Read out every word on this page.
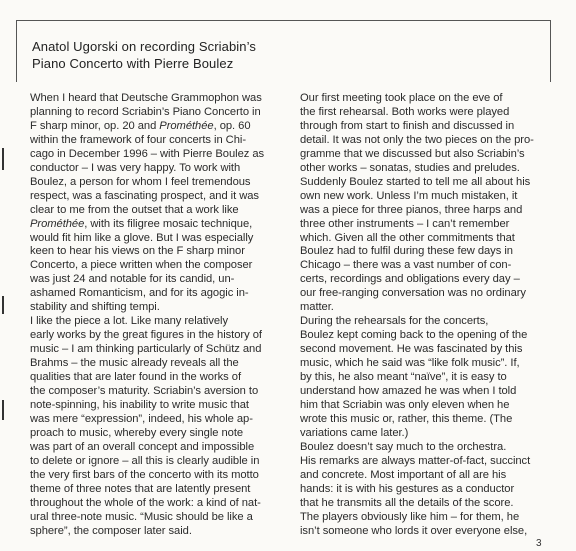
Anatol Ugorski on recording Scriabin’s
Piano Concerto with Pierre Boulez
When I heard that Deutsche Grammophon was
planning to record Scriabin’s Piano Concerto in
F sharp minor, op. 20 and Prométhée, op. 60
within the framework of four concerts in Chi-
cago in December 1996 – with Pierre Boulez as
conductor – I was very happy. To work with
Boulez, a person for whom I feel tremendous
respect, was a fascinating prospect, and it was
clear to me from the outset that a work like
Prométhée, with its filigree mosaic technique,
would fit him like a glove. But I was especially
keen to hear his views on the F sharp minor
Concerto, a piece written when the composer
was just 24 and notable for its candid, un-
ashamed Romanticism, and for its agogic in-
stability and shifting tempi.
I like the piece a lot. Like many relatively
early works by the great figures in the history of
music – I am thinking particularly of Schütz and
Brahms – the music already reveals all the
qualities that are later found in the works of
the composer’s maturity. Scriabin’s aversion to
note-spinning, his inability to write music that
was mere “expression”, indeed, his whole ap-
proach to music, whereby every single note
was part of an overall concept and impossible
to delete or ignore – all this is clearly audible in
the very first bars of the concerto with its motto
theme of three notes that are latently present
throughout the whole of the work: a kind of nat-
ural three-note music. “Music should be like a
sphere”, the composer later said.
Our first meeting took place on the eve of
the first rehearsal. Both works were played
through from start to finish and discussed in
detail. It was not only the two pieces on the pro-
gramme that we discussed but also Scriabin’s
other works – sonatas, studies and preludes.
Suddenly Boulez started to tell me all about his
own new work. Unless I’m much mistaken, it
was a piece for three pianos, three harps and
three other instruments – I can’t remember
which. Given all the other commitments that
Boulez had to fulfil during these few days in
Chicago – there was a vast number of con-
certs, recordings and obligations every day –
our free-ranging conversation was no ordinary
matter.
During the rehearsals for the concerts,
Boulez kept coming back to the opening of the
second movement. He was fascinated by this
music, which he said was “like folk music”. If,
by this, he also meant “naïve”, it is easy to
understand how amazed he was when I told
him that Scriabin was only eleven when he
wrote this music or, rather, this theme. (The
variations came later.)
Boulez doesn’t say much to the orchestra.
His remarks are always matter-of-fact, succinct
and concrete. Most important of all are his
hands: it is with his gestures as a conductor
that he transmits all the details of the score.
The players obviously like him – for them, he
isn’t someone who lords it over everyone else,
3
